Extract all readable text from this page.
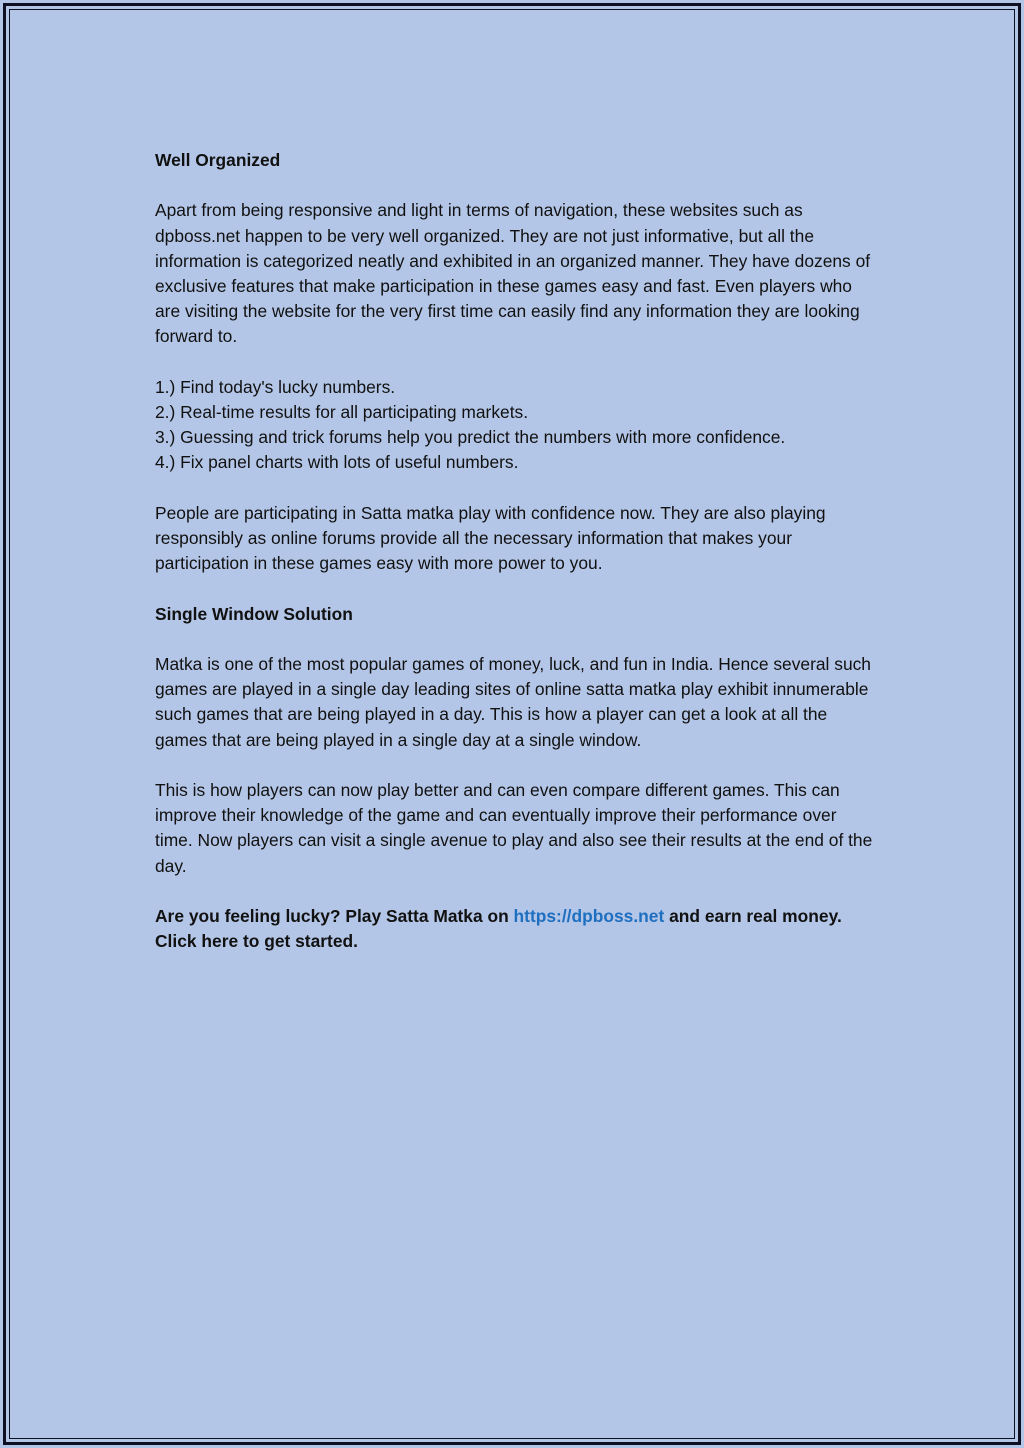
Well Organized

Apart from being responsive and light in terms of navigation, these websites such as dpboss.net happen to be very well organized. They are not just informative, but all the information is categorized neatly and exhibited in an organized manner. They have dozens of exclusive features that make participation in these games easy and fast. Even players who are visiting the website for the very first time can easily find any information they are looking forward to.

1.) Find today's lucky numbers.
2.) Real-time results for all participating markets.
3.) Guessing and trick forums help you predict the numbers with more confidence.
4.) Fix panel charts with lots of useful numbers.

People are participating in Satta matka play with confidence now. They are also playing responsibly as online forums provide all the necessary information that makes your participation in these games easy with more power to you.

Single Window Solution

Matka is one of the most popular games of money, luck, and fun in India. Hence several such games are played in a single day leading sites of online satta matka play exhibit innumerable such games that are being played in a day. This is how a player can get a look at all the games that are being played in a single day at a single window.

This is how players can now play better and can even compare different games. This can improve their knowledge of the game and can eventually improve their performance over time. Now players can visit a single avenue to play and also see their results at the end of the day.

Are you feeling lucky? Play Satta Matka on https://dpboss.net and earn real money. Click here to get started.
